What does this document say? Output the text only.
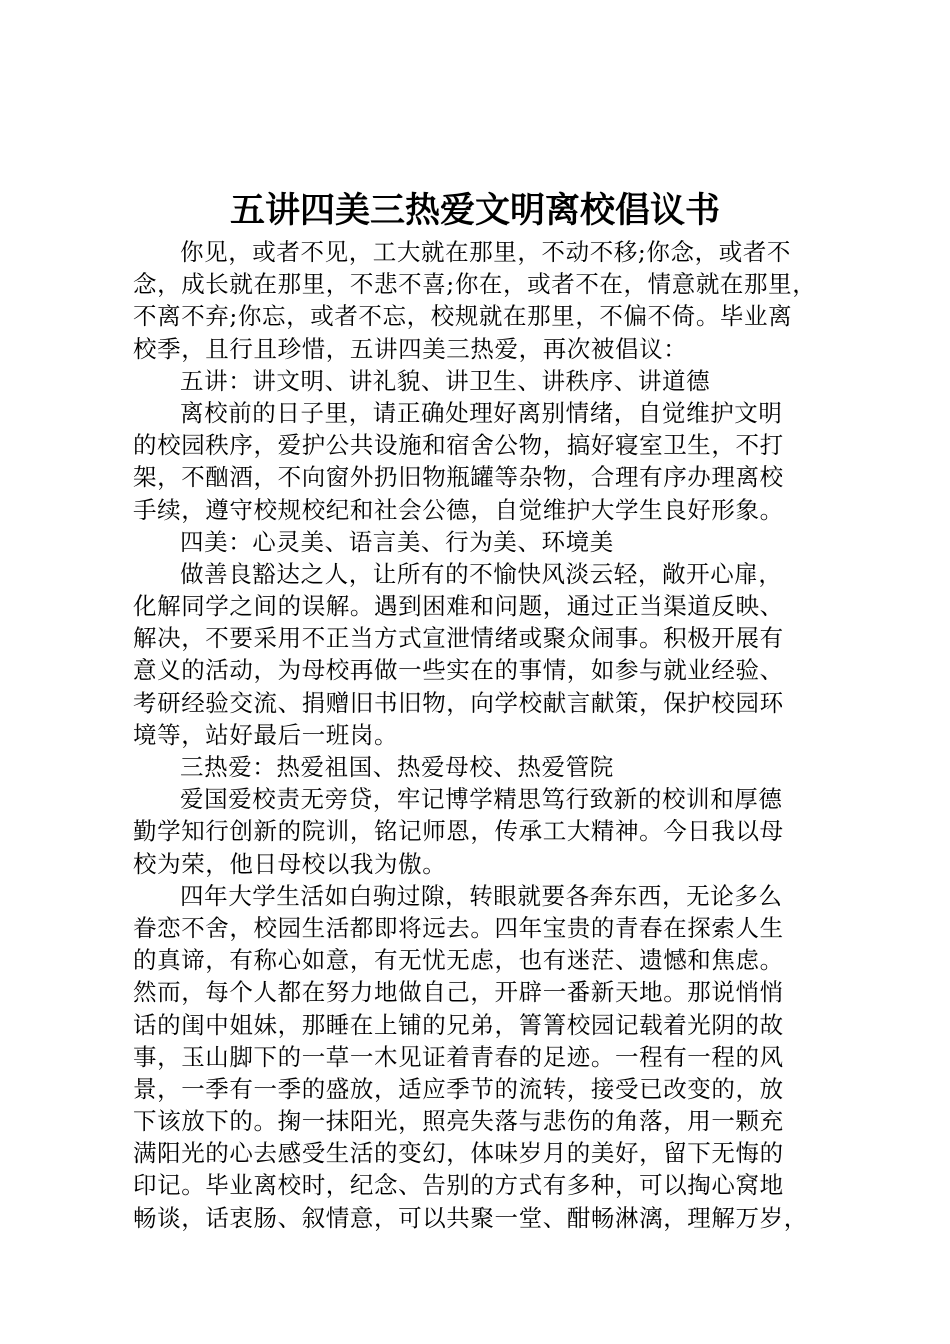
五讲四美三热爱文明离校倡议书
你见，或者不见，工大就在那里，不动不移;你念，或者不
念，成长就在那里，不悲不喜;你在，或者不在，情意就在那里，
不离不弃;你忘，或者不忘，校规就在那里，不偏不倚。毕业离
校季，且行且珍惜，五讲四美三热爱，再次被倡议：
五讲：讲文明、讲礼貌、讲卫生、讲秩序、讲道德
离校前的日子里，请正确处理好离别情绪，自觉维护文明
的校园秩序，爱护公共设施和宿舍公物，搞好寝室卫生，不打
架，不酗酒，不向窗外扔旧物瓶罐等杂物，合理有序办理离校
手续，遵守校规校纪和社会公德，自觉维护大学生良好形象。
四美：心灵美、语言美、行为美、环境美
做善良豁达之人，让所有的不愉快风淡云轻，敞开心扉，
化解同学之间的误解。遇到困难和问题，通过正当渠道反映、
解决，不要采用不正当方式宣泄情绪或聚众闹事。积极开展有
意义的活动，为母校再做一些实在的事情，如参与就业经验、
考研经验交流、捐赠旧书旧物，向学校献言献策，保护校园环
境等，站好最后一班岗。
三热爱：热爱祖国、热爱母校、热爱管院
爱国爱校责无旁贷，牢记博学精思笃行致新的校训和厚德
勤学知行创新的院训，铭记师恩，传承工大精神。今日我以母
校为荣，他日母校以我为傲。
四年大学生活如白驹过隙，转眼就要各奔东西，无论多么
眷恋不舍，校园生活都即将远去。四年宝贵的青春在探索人生
的真谛，有称心如意，有无忧无虑，也有迷茫、遗憾和焦虑。
然而，每个人都在努力地做自己，开辟一番新天地。那说悄悄
话的闺中姐妹，那睡在上铺的兄弟，箐箐校园记载着光阴的故
事，玉山脚下的一草一木见证着青春的足迹。一程有一程的风
景，一季有一季的盛放，适应季节的流转，接受已改变的，放
下该放下的。掬一抹阳光，照亮失落与悲伤的角落，用一颗充
满阳光的心去感受生活的变幻，体味岁月的美好，留下无悔的
印记。毕业离校时，纪念、告别的方式有多种，可以掏心窝地
畅谈，话衷肠、叙情意，可以共聚一堂、酣畅淋漓，理解万岁，
